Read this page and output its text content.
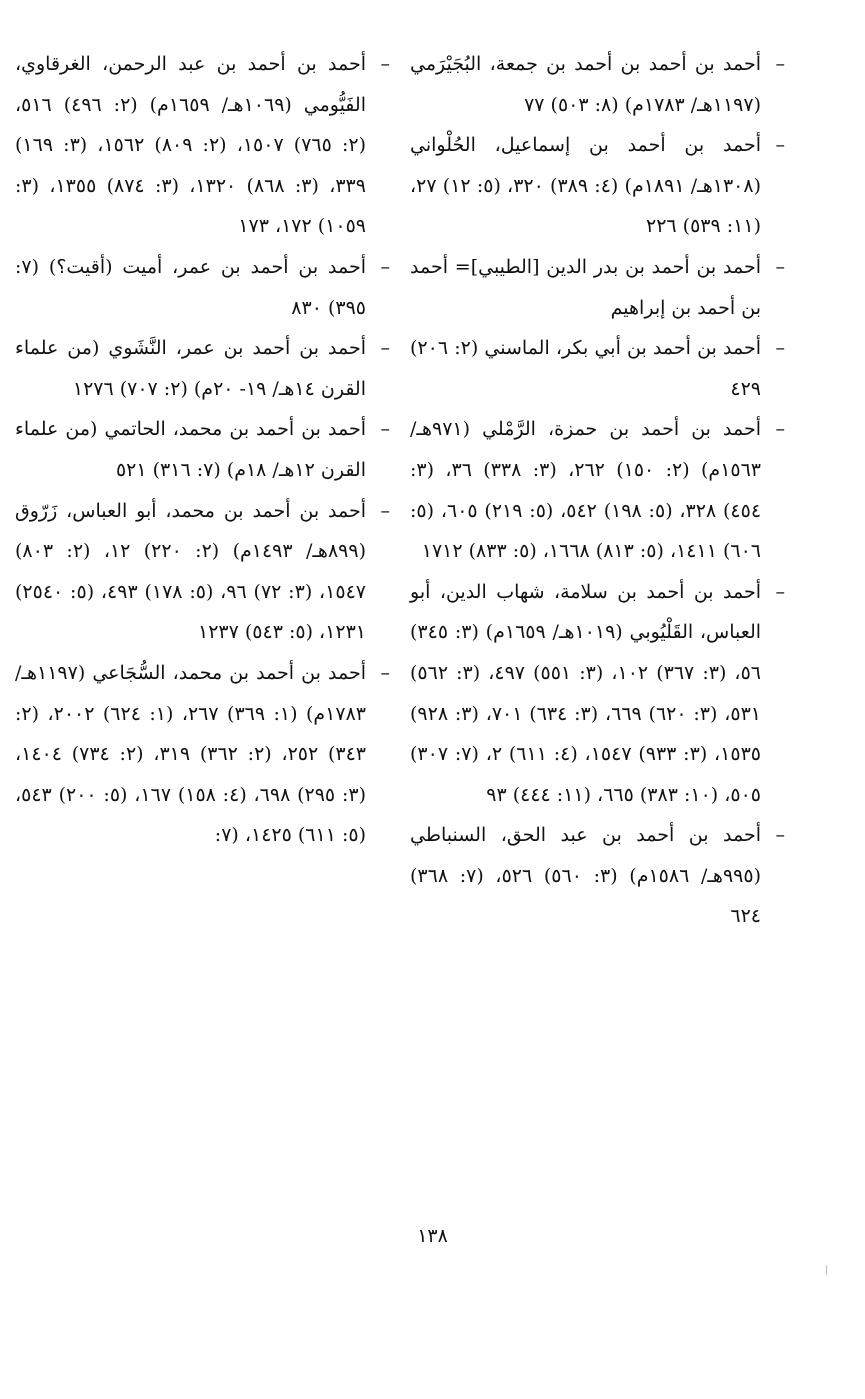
–
أحمد بن أحمد بن أحمد بن جمعة، البُجَيْرَمي (١١٩٧هـ/ ١٧٨٣م) (٨: ٥٠٣) ٧٧
–
أحمد بن أحمد بن إسماعيل، الحُلْواني (١٣٠٨هـ/ ١٨٩١م) (٤: ٣٨٩) ٣٢٠، (٥: ١٢) ٢٧، (١١: ٥٣٩) ٢٢٦
–
أحمد بن أحمد بن بدر الدين [الطيبي]= أحمد بن أحمد بن إبراهيم
–
أحمد بن أحمد بن أبي بكر، الماسني (٢: ٢٠٦) ٤٢٩
–
أحمد بن أحمد بن حمزة، الرَّمْلي (٩٧١هـ/ ١٥٦٣م) (٢: ١٥٠) ٢٦٢، (٣: ٣٣٨) ٣٦، (٣: ٤٥٤) ٣٢٨، (٥: ١٩٨) ٥٤٢، (٥: ٢١٩) ٦٠٥، (٥: ٦٠٦) ١٤١١، (٥: ٨١٣) ١٦٦٨، (٥: ٨٣٣) ١٧١٢
–
أحمد بن أحمد بن سلامة، شهاب الدين، أبو العباس، القَلْيُوبي (١٠١٩هـ/ ١٦٥٩م) (٣: ٣٤٥) ٥٦، (٣: ٣٦٧) ١٠٢، (٣: ٥٥١) ٤٩٧، (٣: ٥٦٢) ٥٣١، (٣: ٦٢٠) ٦٦٩، (٣: ٦٣٤) ٧٠١، (٣: ٩٢٨) ١٥٣٥، (٣: ٩٣٣) ١٥٤٧، (٤: ٦١١) ٢، (٧: ٣٠٧) ٥٠٥، (١٠: ٣٨٣) ٦٦٥، (١١: ٤٤٤) ٩٣
–
أحمد بن أحمد بن عبد الحق، السنباطي (٩٩٥هـ/ ١٥٨٦م) (٣: ٥٦٠) ٥٢٦، (٧: ٣٦٨) ٦٢٤
–
أحمد بن أحمد بن عبد الرحمن، الغرقاوي، الفَيُّومي (١٠٦٩هـ/ ١٦٥٩م) (٢: ٤٩٦) ٥١٦، (٢: ٧٦٥) ١٥٠٧، (٢: ٨٠٩) ١٥٦٢، (٣: ١٦٩) ٣٣٩، (٣: ٨٦٨) ١٣٢٠، (٣: ٨٧٤) ١٣٥٥، (٣: ١٠٥٩) ١٧٢، ١٧٣
–
أحمد بن أحمد بن عمر، أميت (أقيت؟) (٧: ٣٩٥) ٨٣٠
–
أحمد بن أحمد بن عمر، النَّشَوي (من علماء القرن ١٤هـ/ ١٩- ٢٠م) (٢: ٧٠٧) ١٢٧٦
–
أحمد بن أحمد بن محمد، الحاتمي (من علماء القرن ١٢هـ/ ١٨م) (٧: ٣١٦) ٥٢١
–
أحمد بن أحمد بن محمد، أبو العباس، زَرّوق (٨٩٩هـ/ ١٤٩٣م) (٢: ٢٢٠) ١٢، (٢: ٨٠٣) ١٥٤٧، (٣: ٧٢) ٩٦، (٥: ١٧٨) ٤٩٣، (٥: ٢٥٤٠) ١٢٣١، (٥: ٥٤٣) ١٢٣٧
–
أحمد بن أحمد بن محمد، السُّجَاعي (١١٩٧هـ/ ١٧٨٣م) (١: ٣٦٩) ٢٦٧، (١: ٦٢٤) ٢٠٠٢، (٢: ٣٤٣) ٢٥٢، (٢: ٣٦٢) ٣١٩، (٢: ٧٣٤) ١٤٠٤، (٣: ٢٩٥) ٦٩٨، (٤: ١٥٨) ١٦٧، (٥: ٢٠٠) ٥٤٣، (٥: ٦١١) ١٤٢٥، (٧:
١٣٨
